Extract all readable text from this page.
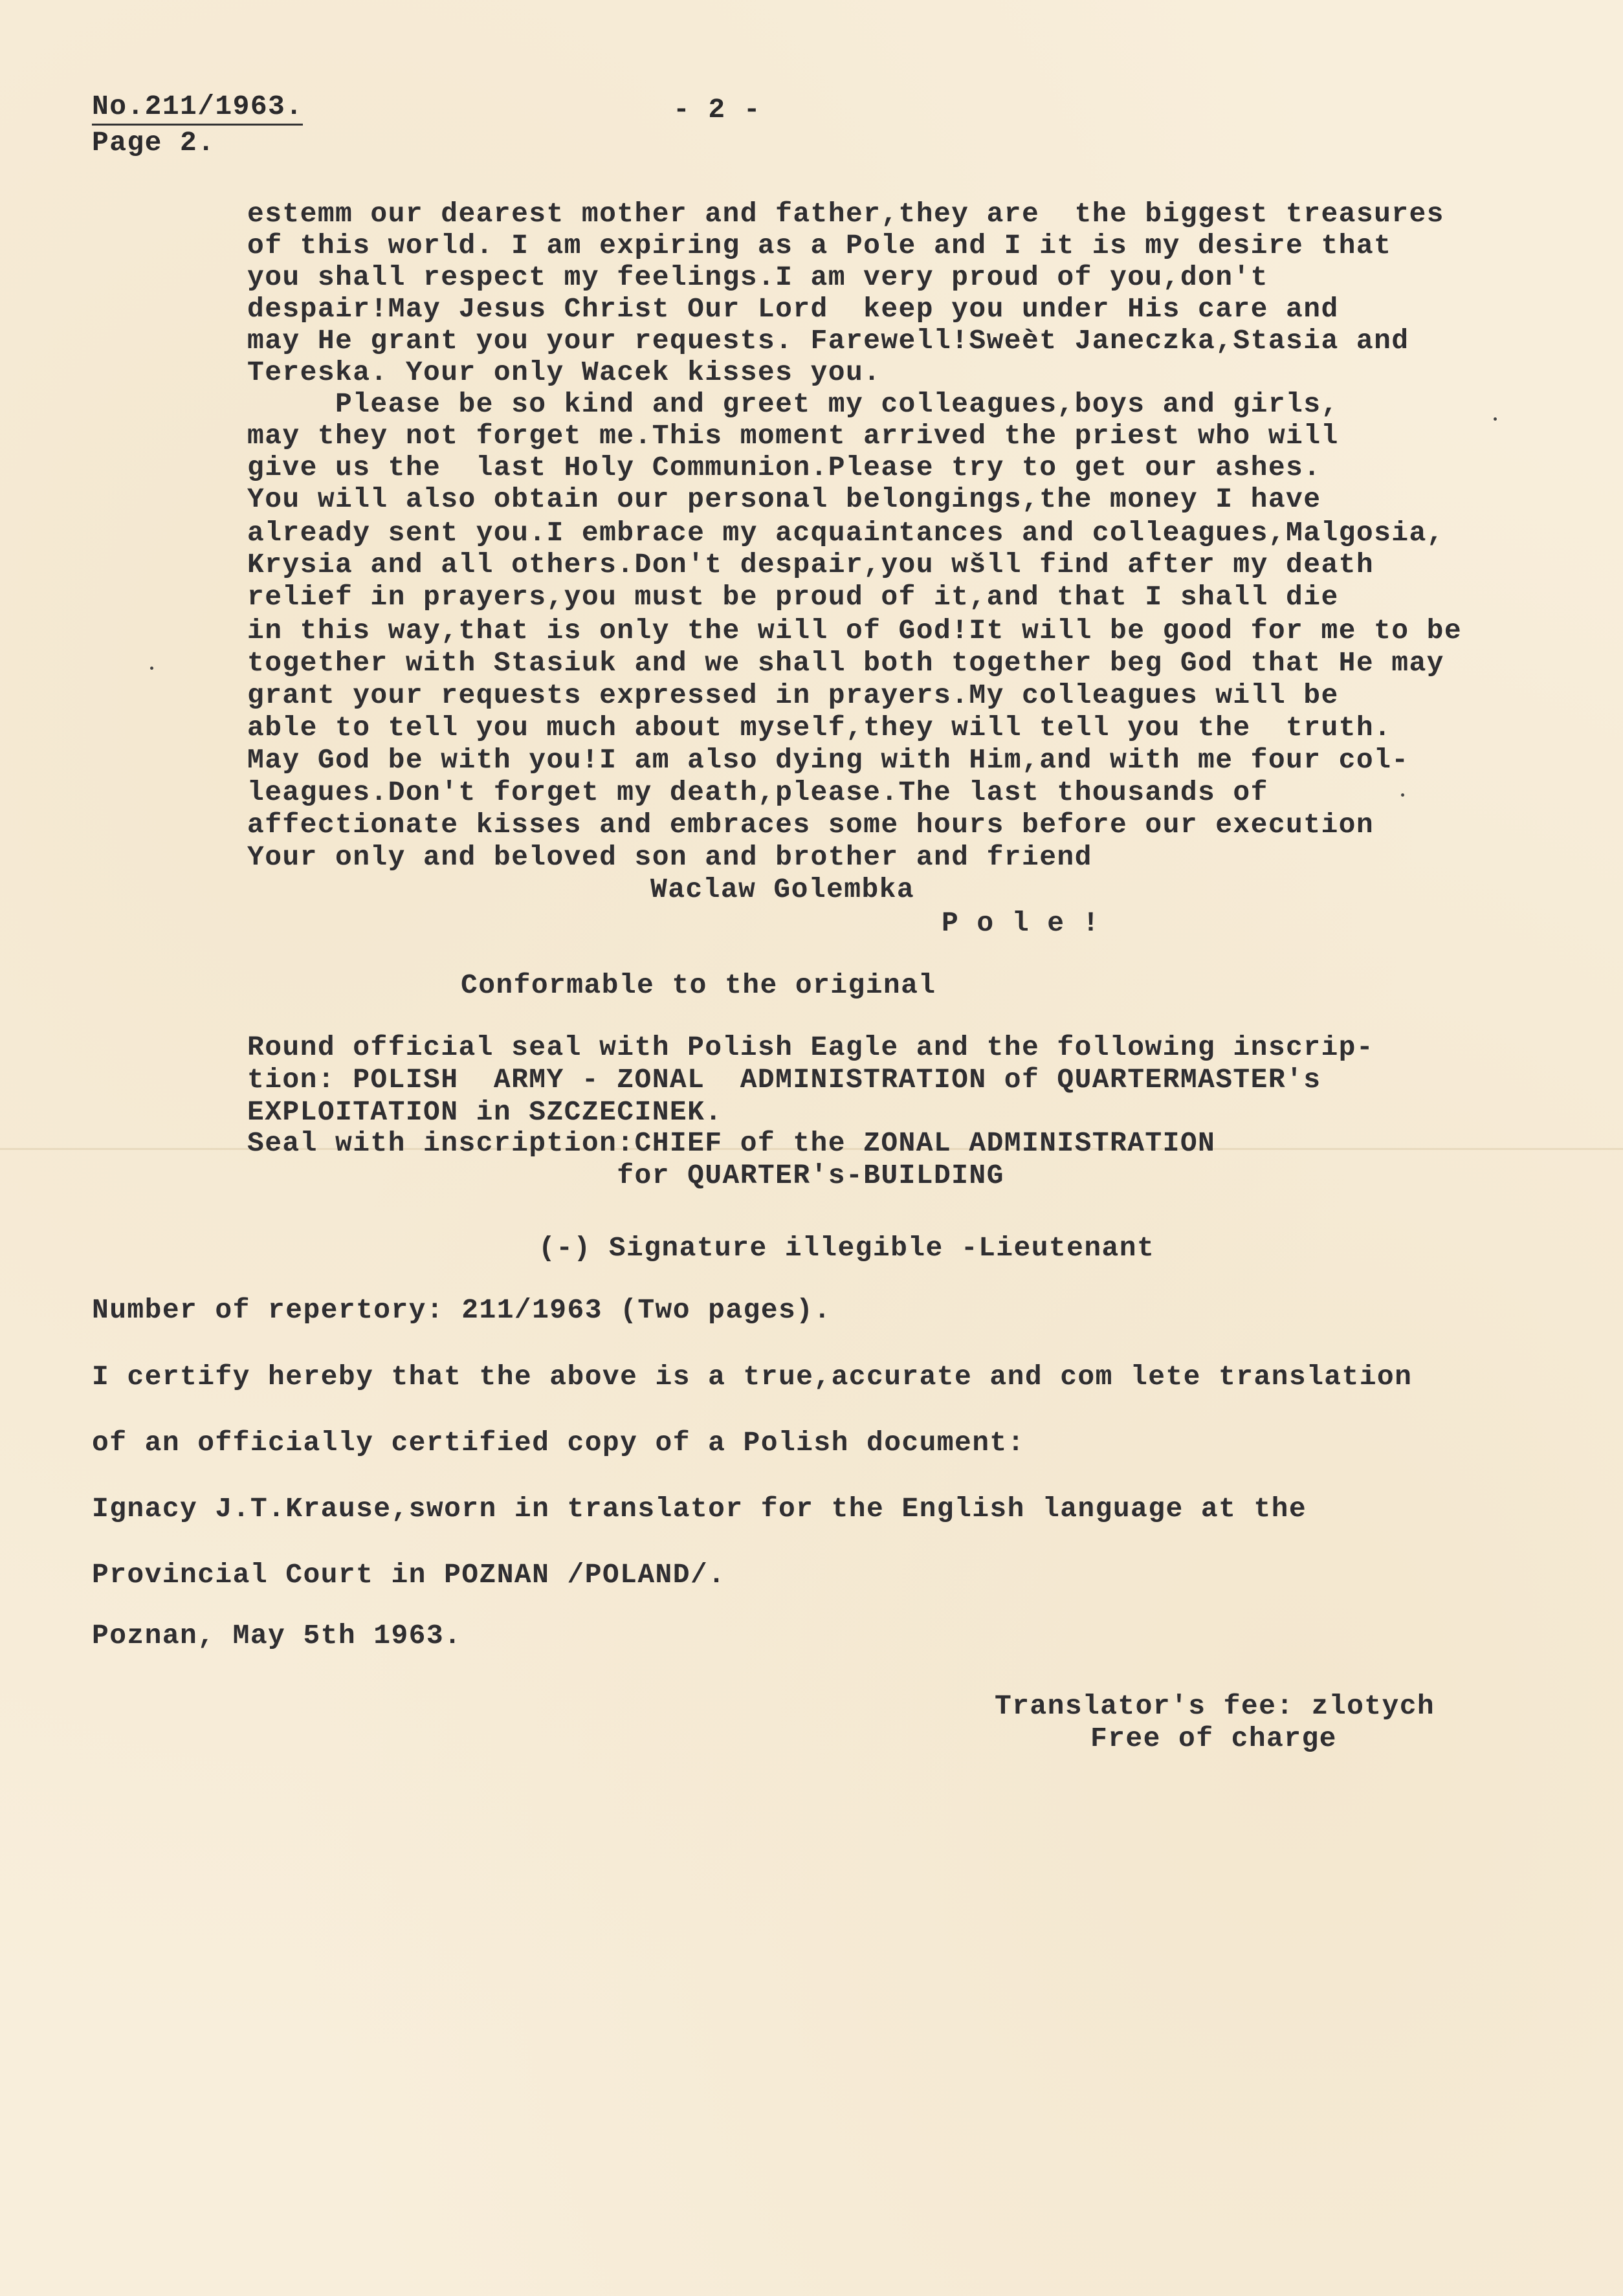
No.211/1963.
Page 2.
- 2 -
estemm our dearest mother and father,they are  the biggest treasures
of this world. I am expiring as a Pole and I it is my desire that
you shall respect my feelings.I am very proud of you,don't
despair!May Jesus Christ Our Lord  keep you under His care and
may He grant you your requests. Farewell!Sweèt Janeczka,Stasia and
Tereska. Your only Wacek kisses you.
Please be so kind and greet my colleagues,boys and girls,
may they not forget me.This moment arrived the priest who will
give us the  last Holy Communion.Please try to get our ashes.
You will also obtain our personal belongings,the money I have
already sent you.I embrace my acquaintances and colleagues,Malgosia,
Krysia and all others.Don't despair,you wšll find after my death
relief in prayers,you must be proud of it,and that I shall die
in this way,that is only the will of God!It will be good for me to be
together with Stasiuk and we shall both together beg God that He may
grant your requests expressed in prayers.My colleagues will be
able to tell you much about myself,they will tell you the  truth.
May God be with you!I am also dying with Him,and with me four col-
leagues.Don't forget my death,please.The last thousands of
affectionate kisses and embraces some hours before our execution
Your only and beloved son and brother and friend
Waclaw Golembka
P o l e !
Conformable to the original
Round official seal with Polish Eagle and the following inscrip-
tion: POLISH  ARMY - ZONAL  ADMINISTRATION of QUARTERMASTER's
EXPLOITATION in SZCZECINEK.
Seal with inscription:CHIEF of the ZONAL ADMINISTRATION
for QUARTER's-BUILDING
(-) Signature illegible -Lieutenant
Number of repertory: 211/1963 (Two pages).
I certify hereby that the above is a true,accurate and com lete translation
of an officially certified copy of a Polish document:
Ignacy J.T.Krause,sworn in translator for the English language at the
Provincial Court in POZNAN /POLAND/.
Poznan, May 5th 1963.
Translator's fee: zlotych
Free of charge
